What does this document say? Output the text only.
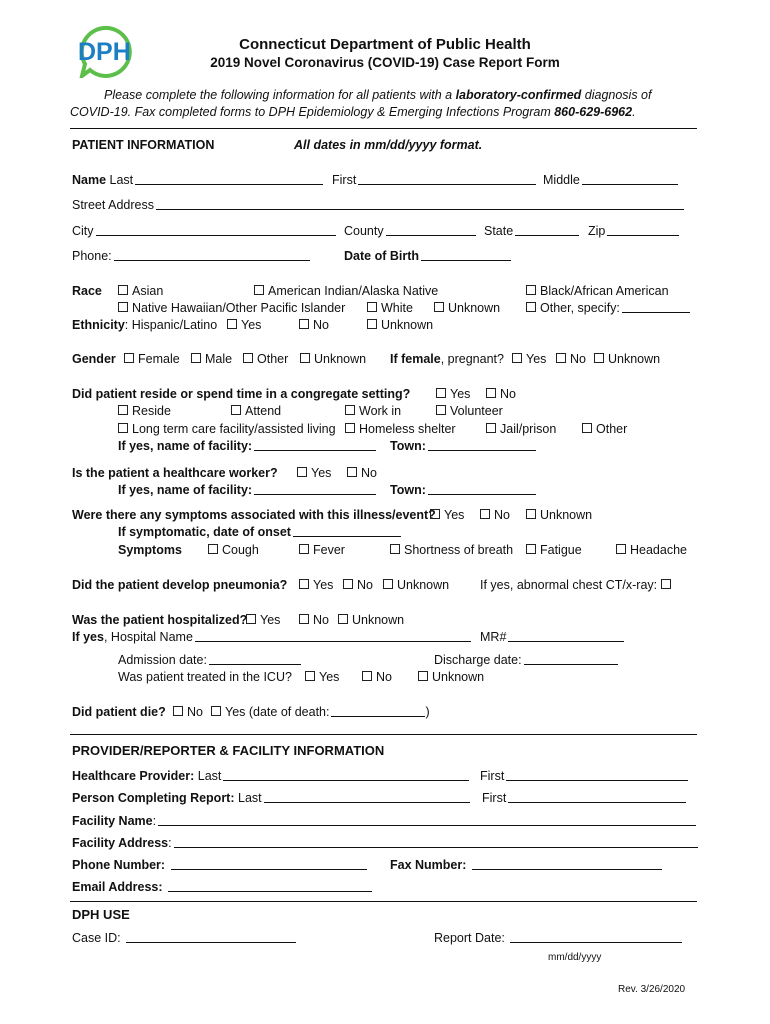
DPH	Connecticut Department of Public Health
2019 Novel Coronavirus (COVID-19) Case Report Form
Please complete the following information for all patients with a laboratory-confirmed diagnosis of
COVID-19. Fax completed forms to DPH Epidemiology & Emerging Infections Program 860-629-6962.
PATIENT INFORMATION	All dates in mm/dd/yyyy format.
Name Last	First	Middle
Street Address
City	County	State	Zip
Phone:	Date of Birth
Race	Asian	American Indian/Alaska Native	Black/African American
Native Hawaiian/Other Pacific Islander	White	Unknown	Other, specify:
Ethnicity: Hispanic/Latino	Yes	No	Unknown
Gender	Female	Male	Other	Unknown If female, pregnant?	Yes	No	Unknown
Did patient reside or spend time in a congregate setting?	Yes	No
Reside	Attend	Work in	Volunteer
Long term care facility/assisted living	Homeless shelter	Jail/prison	Other
If yes, name of facility:	Town:
Is the patient a healthcare worker?	Yes	No
If yes, name of facility:	Town:
Were there any symptoms associated with this illness/event? Yes	No	Unknown
If symptomatic, date of onset
Symptoms	Cough	Fever	Shortness of breath	Fatigue	Headache
Did the patient develop pneumonia?	Yes	No	Unknown If yes, abnormal chest CT/x-ray:
Was the patient hospitalized?	Yes	No	Unknown
If yes, Hospital Name	MR#
Admission date:	Discharge date:
Was patient treated in the ICU?	Yes	No	Unknown
Did patient die?	No	Yes (date of death:	)
PROVIDER/REPORTER & FACILITY INFORMATION
Healthcare Provider: Last	First
Person Completing Report: Last	First
Facility Name:
Facility Address:
Phone Number:	Fax Number:
Email Address:
DPH USE
Case ID:	Report Date:
mm/dd/yyyy
Rev. 3/26/2020
